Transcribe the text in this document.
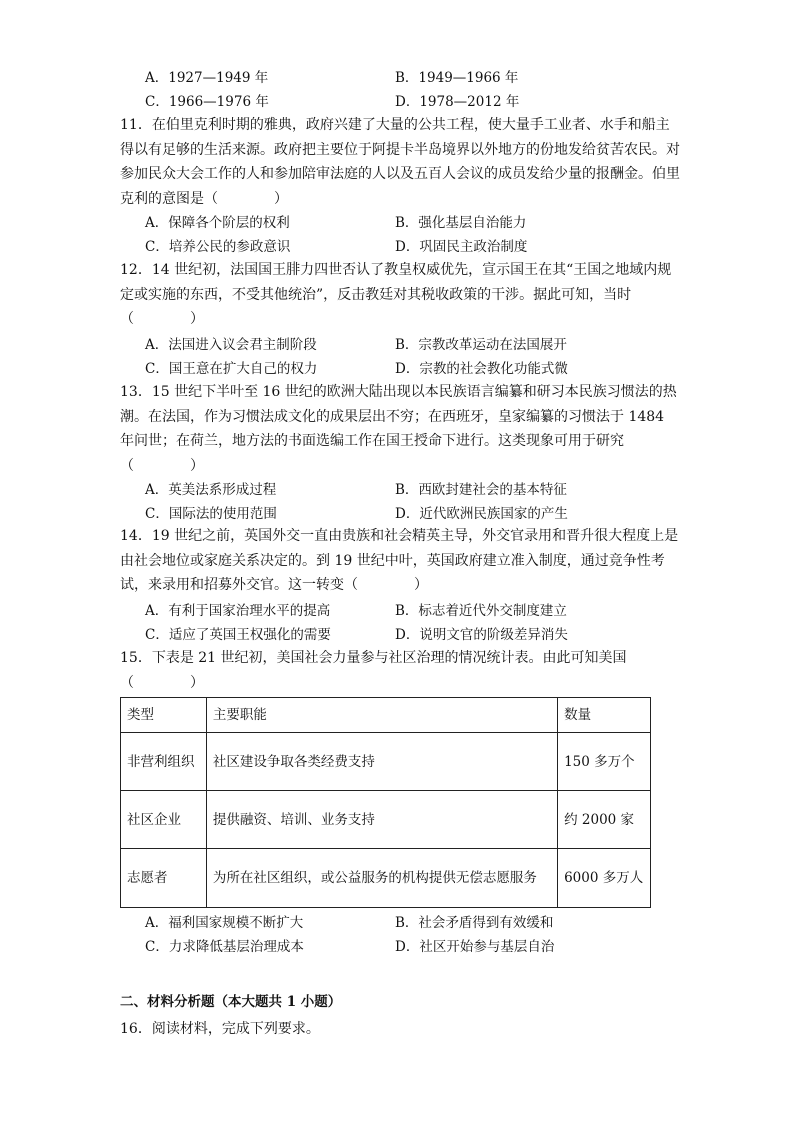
A．1927—1949 年	B．1949—1966 年
C．1966—1976 年	D．1978—2012 年
11．在伯里克利时期的雅典，政府兴建了大量的公共工程，使大量手工业者、水手和船主得以有足够的生活来源。政府把主要位于阿提卡半岛境界以外地方的份地发给贫苦农民。对参加民众大会工作的人和参加陪审法庭的人以及五百人会议的成员发给少量的报酬金。伯里克利的意图是（　　　　）
A．保障各个阶层的权利	B．强化基层自治能力
C．培养公民的参政意识	D．巩固民主政治制度
12．14 世纪初，法国国王腓力四世否认了教皇权威优先，宣示国王在其“王国之地域内规定或实施的东西，不受其他统治”，反击教廷对其税收政策的干涉。据此可知，当时（　　　　）
A．法国进入议会君主制阶段	B．宗教改革运动在法国展开
C．国王意在扩大自己的权力	D．宗教的社会教化功能式微
13．15 世纪下半叶至 16 世纪的欧洲大陆出现以本民族语言编纂和研习本民族习惯法的热潮。在法国，作为习惯法成文化的成果层出不穷；在西班牙，皇家编纂的习惯法于 1484 年问世；在荷兰，地方法的书面选编工作在国王授命下进行。这类现象可用于研究（　　　　）
A．英美法系形成过程	B．西欧封建社会的基本特征
C．国际法的使用范围	D．近代欧洲民族国家的产生
14．19 世纪之前，英国外交一直由贵族和社会精英主导，外交官录用和晋升很大程度上是由社会地位或家庭关系决定的。到 19 世纪中叶，英国政府建立准入制度，通过竞争性考试，来录用和招募外交官。这一转变（　　　　）
A．有利于国家治理水平的提高	B．标志着近代外交制度建立
C．适应了英国王权强化的需要	D．说明文官的阶级差异消失
15．下表是 21 世纪初，美国社会力量参与社区治理的情况统计表。由此可知美国（　　　　）
类型	主要职能	数量
非营利组织	社区建设争取各类经费支持	150 多万个
社区企业	提供融资、培训、业务支持	约 2000 家
志愿者	为所在社区组织，或公益服务的机构提供无偿志愿服务	6000 多万人
A．福利国家规模不断扩大	B．社会矛盾得到有效缓和
C．力求降低基层治理成本	D．社区开始参与基层自治
二、材料分析题（本大题共 1 小题）
16．阅读材料，完成下列要求。
